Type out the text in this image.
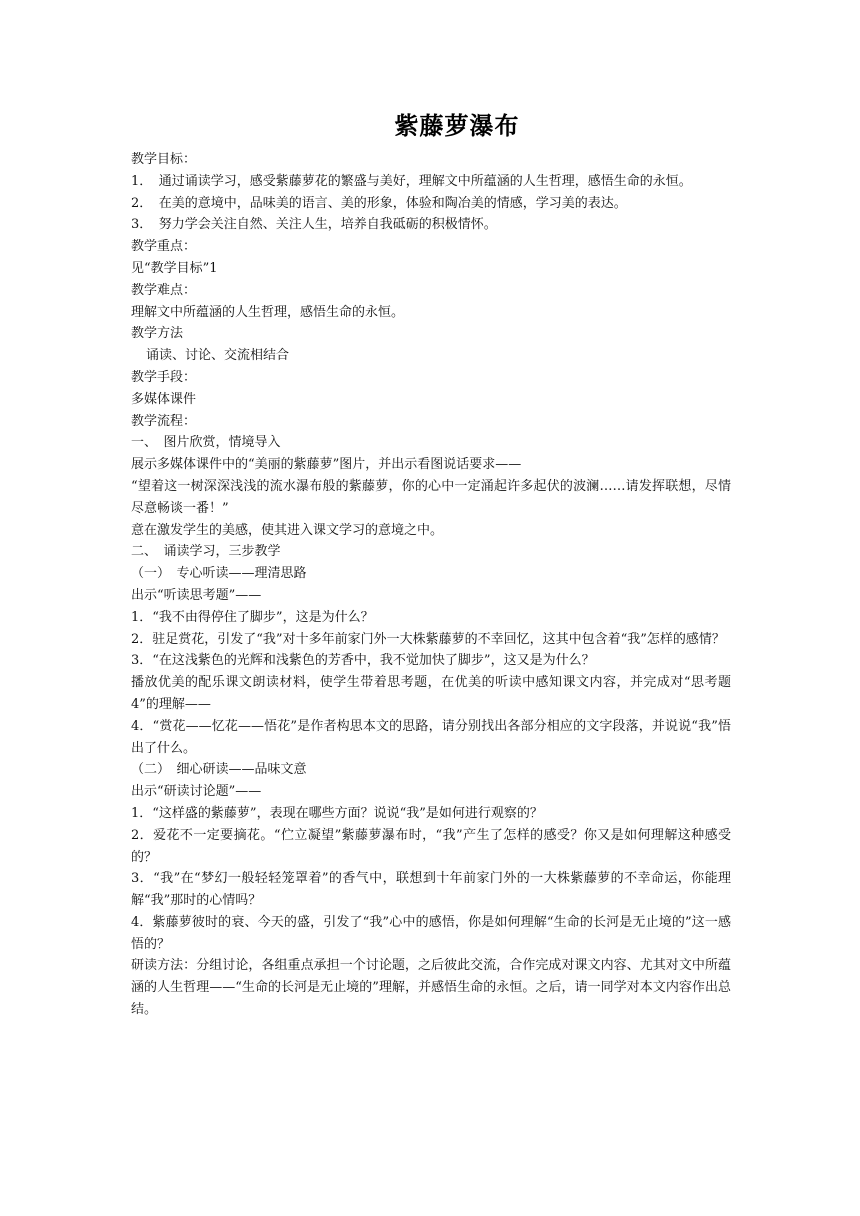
紫藤萝瀑布

教学目标：

1．　通过诵读学习，感受紫藤萝花的繁盛与美好，理解文中所蕴涵的人生哲理，感悟生命的永恒。

2．　在美的意境中，品味美的语言、美的形象，体验和陶冶美的情感，学习美的表达。

3．　努力学会关注自然、关注人生，培养自我砥砺的积极情怀。

教学重点：

见“教学目标”1

教学难点：

理解文中所蕴涵的人生哲理，感悟生命的永恒。

教学方法

诵读、讨论、交流相结合

教学手段：

多媒体课件

教学流程：

一、　图片欣赏，情境导入

展示多媒体课件中的“美丽的紫藤萝”图片，并出示看图说话要求——

“望着这一树深深浅浅的流水瀑布般的紫藤萝，你的心中一定涌起许多起伏的波澜……请发挥联想，尽情尽意畅谈一番！”

意在激发学生的美感，使其进入课文学习的意境之中。

二、　诵读学习，三步教学

（一）　专心听读——理清思路

出示“听读思考题”——

1．“我不由得停住了脚步”，这是为什么？

2．驻足赏花，引发了“我”对十多年前家门外一大株紫藤萝的不幸回忆，这其中包含着“我”怎样的感情？

3．“在这浅紫色的光辉和浅紫色的芳香中，我不觉加快了脚步”，这又是为什么？

播放优美的配乐课文朗读材料，使学生带着思考题，在优美的听读中感知课文内容，并完成对“思考题 4”的理解——

4．“赏花——忆花——悟花”是作者构思本文的思路，请分别找出各部分相应的文字段落，并说说“我”悟出了什么。

（二）　细心研读——品味文意

出示“研读讨论题”——

1．“这样盛的紫藤萝”，表现在哪些方面？说说“我”是如何进行观察的？

2．爱花不一定要摘花。“伫立凝望”紫藤萝瀑布时，“我”产生了怎样的感受？你又是如何理解这种感受的？

3．“我”在“梦幻一般轻轻笼罩着”的香气中，联想到十年前家门外的一大株紫藤萝的不幸命运，你能理解“我”那时的心情吗？

4．紫藤萝彼时的衰、今天的盛，引发了“我”心中的感悟，你是如何理解“生命的长河是无止境的”这一感悟的？

研读方法：分组讨论，各组重点承担一个讨论题，之后彼此交流，合作完成对课文内容、尤其对文中所蕴涵的人生哲理——“生命的长河是无止境的”理解，并感悟生命的永恒。之后，请一同学对本文内容作出总结。
